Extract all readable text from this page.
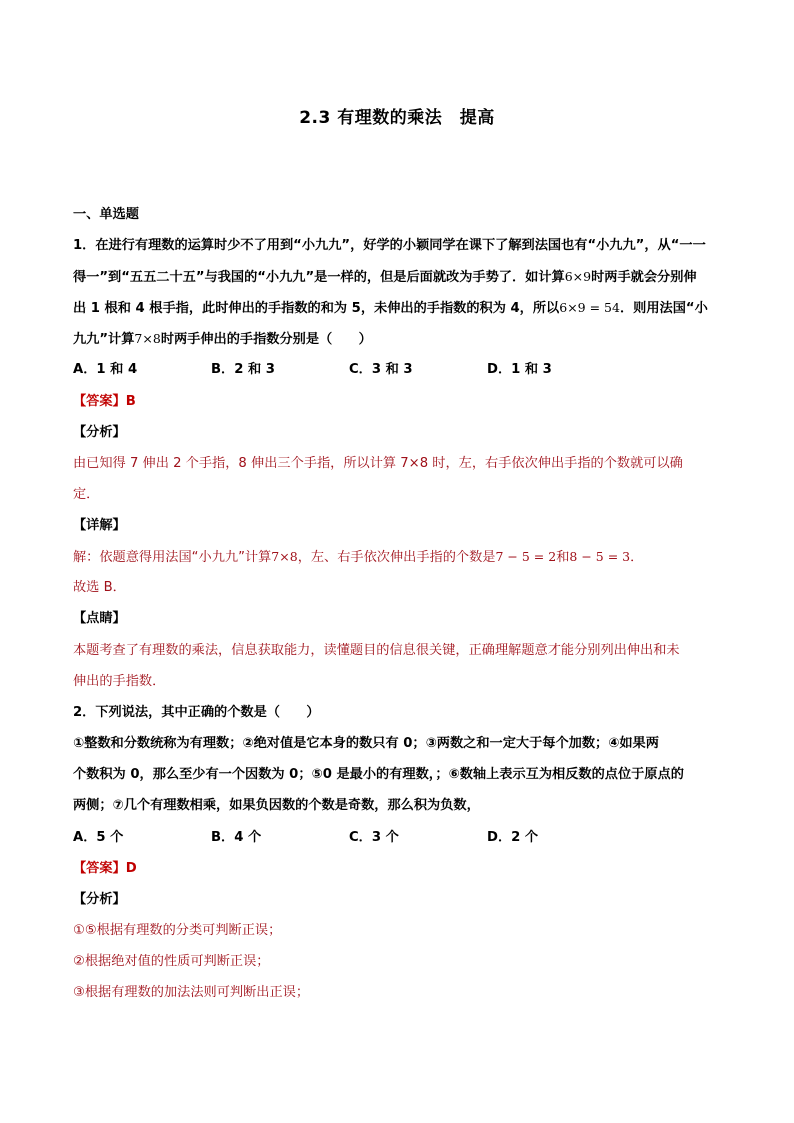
2.3 有理数的乘法　提高
一、单选题
1．在进行有理数的运算时少不了用到“小九九”，好学的小颖同学在课下了解到法国也有“小九九”，从“一一
得一”到“五五二十五”与我国的“小九九”是一样的，但是后面就改为手势了．如计算6×9时两手就会分别伸
出 1 根和 4 根手指，此时伸出的手指数的和为 5，未伸出的手指数的积为 4，所以6×9 = 54．则用法国“小
九九”计算7×8时两手伸出的手指数分别是（　　）
A．1 和 4	B．2 和 3	C．3 和 3	D．1 和 3
【答案】B
【分析】
由已知得 7 伸出 2 个手指，8 伸出三个手指，所以计算 7×8 时，左，右手依次伸出手指的个数就可以确
定．
【详解】
解：依题意得用法国“小九九”计算7×8，左、右手依次伸出手指的个数是7 − 5 = 2和8 − 5 = 3．
故选 B．
【点睛】
本题考查了有理数的乘法，信息获取能力，读懂题目的信息很关键，正确理解题意才能分别列出伸出和未
伸出的手指数．
2．下列说法，其中正确的个数是（　　）
①整数和分数统称为有理数；②绝对值是它本身的数只有 0；③两数之和一定大于每个加数；④如果两
个数积为 0，那么至少有一个因数为 0；⑤0 是最小的有理数，；⑥数轴上表示互为相反数的点位于原点的
两侧；⑦几个有理数相乘，如果负因数的个数是奇数，那么积为负数，
A．5 个	B．4 个	C．3 个	D．2 个
【答案】D
【分析】
①⑤根据有理数的分类可判断正误；
②根据绝对值的性质可判断正误；
③根据有理数的加法法则可判断出正误；
